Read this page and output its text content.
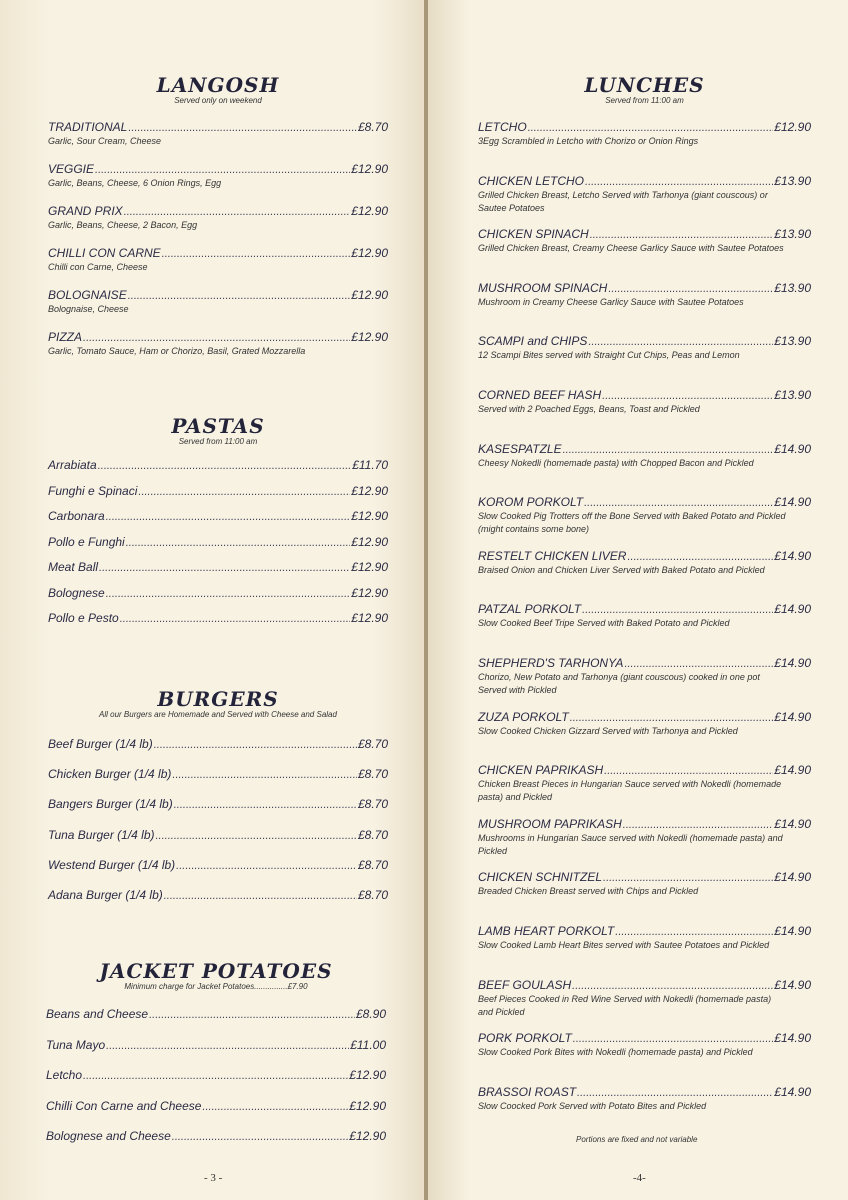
LANGOSH
Served only on weekend
TRADITIONAL .....	£8.70
Garlic, Sour Cream, Cheese
VEGGIE .....	£12.90
Garlic, Beans, Cheese, 6 Onion Rings, Egg
GRAND PRIX .....	£12.90
Garlic, Beans, Cheese, 2 Bacon, Egg
CHILLI CON CARNE .....	£12.90
Chilli con Carne, Cheese
BOLOGNAISE .....	£12.90
Bolognaise, Cheese
PIZZA .....	£12.90
Garlic, Tomato Sauce, Ham or Chorizo, Basil, Grated Mozzarella
PASTAS
Served from 11:00 am
Arrabiata .....	£11.70
Funghi e Spinaci .....	£12.90
Carbonara .....	£12.90
Pollo e Funghi .....	£12.90
Meat Ball .....	£12.90
Bolognese .....	£12.90
Pollo e Pesto .....	£12.90
BURGERS
All our Burgers are Homemade and Served with Cheese and Salad
Beef Burger (1/4 lb) .....	£8.70
Chicken Burger (1/4 lb) .....	£8.70
Bangers Burger (1/4 lb) .....	£8.70
Tuna Burger (1/4 lb) .....	£8.70
Westend Burger (1/4 lb) .....	£8.70
Adana Burger (1/4 lb) .....	£8.70
JACKET POTATOES
Minimum charge for Jacket Potatoes...............£7.90
Beans and Cheese .....	£8.90
Tuna Mayo .....	£11.00
Letcho .....	£12.90
Chilli Con Carne and Cheese .....	£12.90
Bolognese and Cheese .....	£12.90
- 3 -
LUNCHES
Served from 11:00 am
LETCHO .....	£12.90
3Egg Scrambled in Letcho with Chorizo or Onion Rings
CHICKEN LETCHO .....	£13.90
Grilled Chicken Breast, Letcho Served with Tarhonya (giant couscous) or Sautee Potatoes
CHICKEN SPINACH .....	£13.90
Grilled Chicken Breast, Creamy Cheese Garlicy Sauce with Sautee Potatoes
MUSHROOM SPINACH .....	£13.90
Mushroom in Creamy Cheese Garlicy Sauce with Sautee Potatoes
SCAMPI and CHIPS .....	£13.90
12 Scampi Bites served with Straight Cut Chips, Peas and Lemon
CORNED BEEF HASH .....	£13.90
Served with 2 Poached Eggs, Beans, Toast and Pickled
KASESPATZLE .....	£14.90
Cheesy Nokedli (homemade pasta) with Chopped Bacon and Pickled
KOROM PORKOLT .....	£14.90
Slow Cooked Pig Trotters off the Bone Served with Baked Potato and Pickled (might contains some bone)
RESTELT CHICKEN LIVER .....	£14.90
Braised Onion and Chicken Liver Served with Baked Potato and Pickled
PATZAL PORKOLT .....	£14.90
Slow Cooked Beef Tripe Served with Baked Potato and Pickled
SHEPHERD'S TARHONYA .....	£14.90
Chorizo, New Potato and Tarhonya (giant couscous) cooked in one pot Served with Pickled
ZUZA PORKOLT .....	£14.90
Slow Cooked Chicken Gizzard Served with Tarhonya and Pickled
CHICKEN PAPRIKASH .....	£14.90
Chicken Breast Pieces in Hungarian Sauce served with Nokedli (homemade pasta) and Pickled
MUSHROOM PAPRIKASH .....	£14.90
Mushrooms in Hungarian Sauce served with Nokedli (homemade pasta) and Pickled
CHICKEN SCHNITZEL .....	£14.90
Breaded Chicken Breast served with Chips and Pickled
LAMB HEART PORKOLT .....	£14.90
Slow Cooked Lamb Heart Bites served with Sautee Potatoes and Pickled
BEEF GOULASH .....	£14.90
Beef Pieces Cooked in Red Wine Served with Nokedli (homemade pasta) and Pickled
PORK PORKOLT .....	£14.90
Slow Cooked Pork Bites with Nokedli (homemade pasta) and Pickled
BRASSOI ROAST .....	£14.90
Slow Coocked Pork Served with Potato Bites and Pickled
Portions are fixed and not variable
-4-
